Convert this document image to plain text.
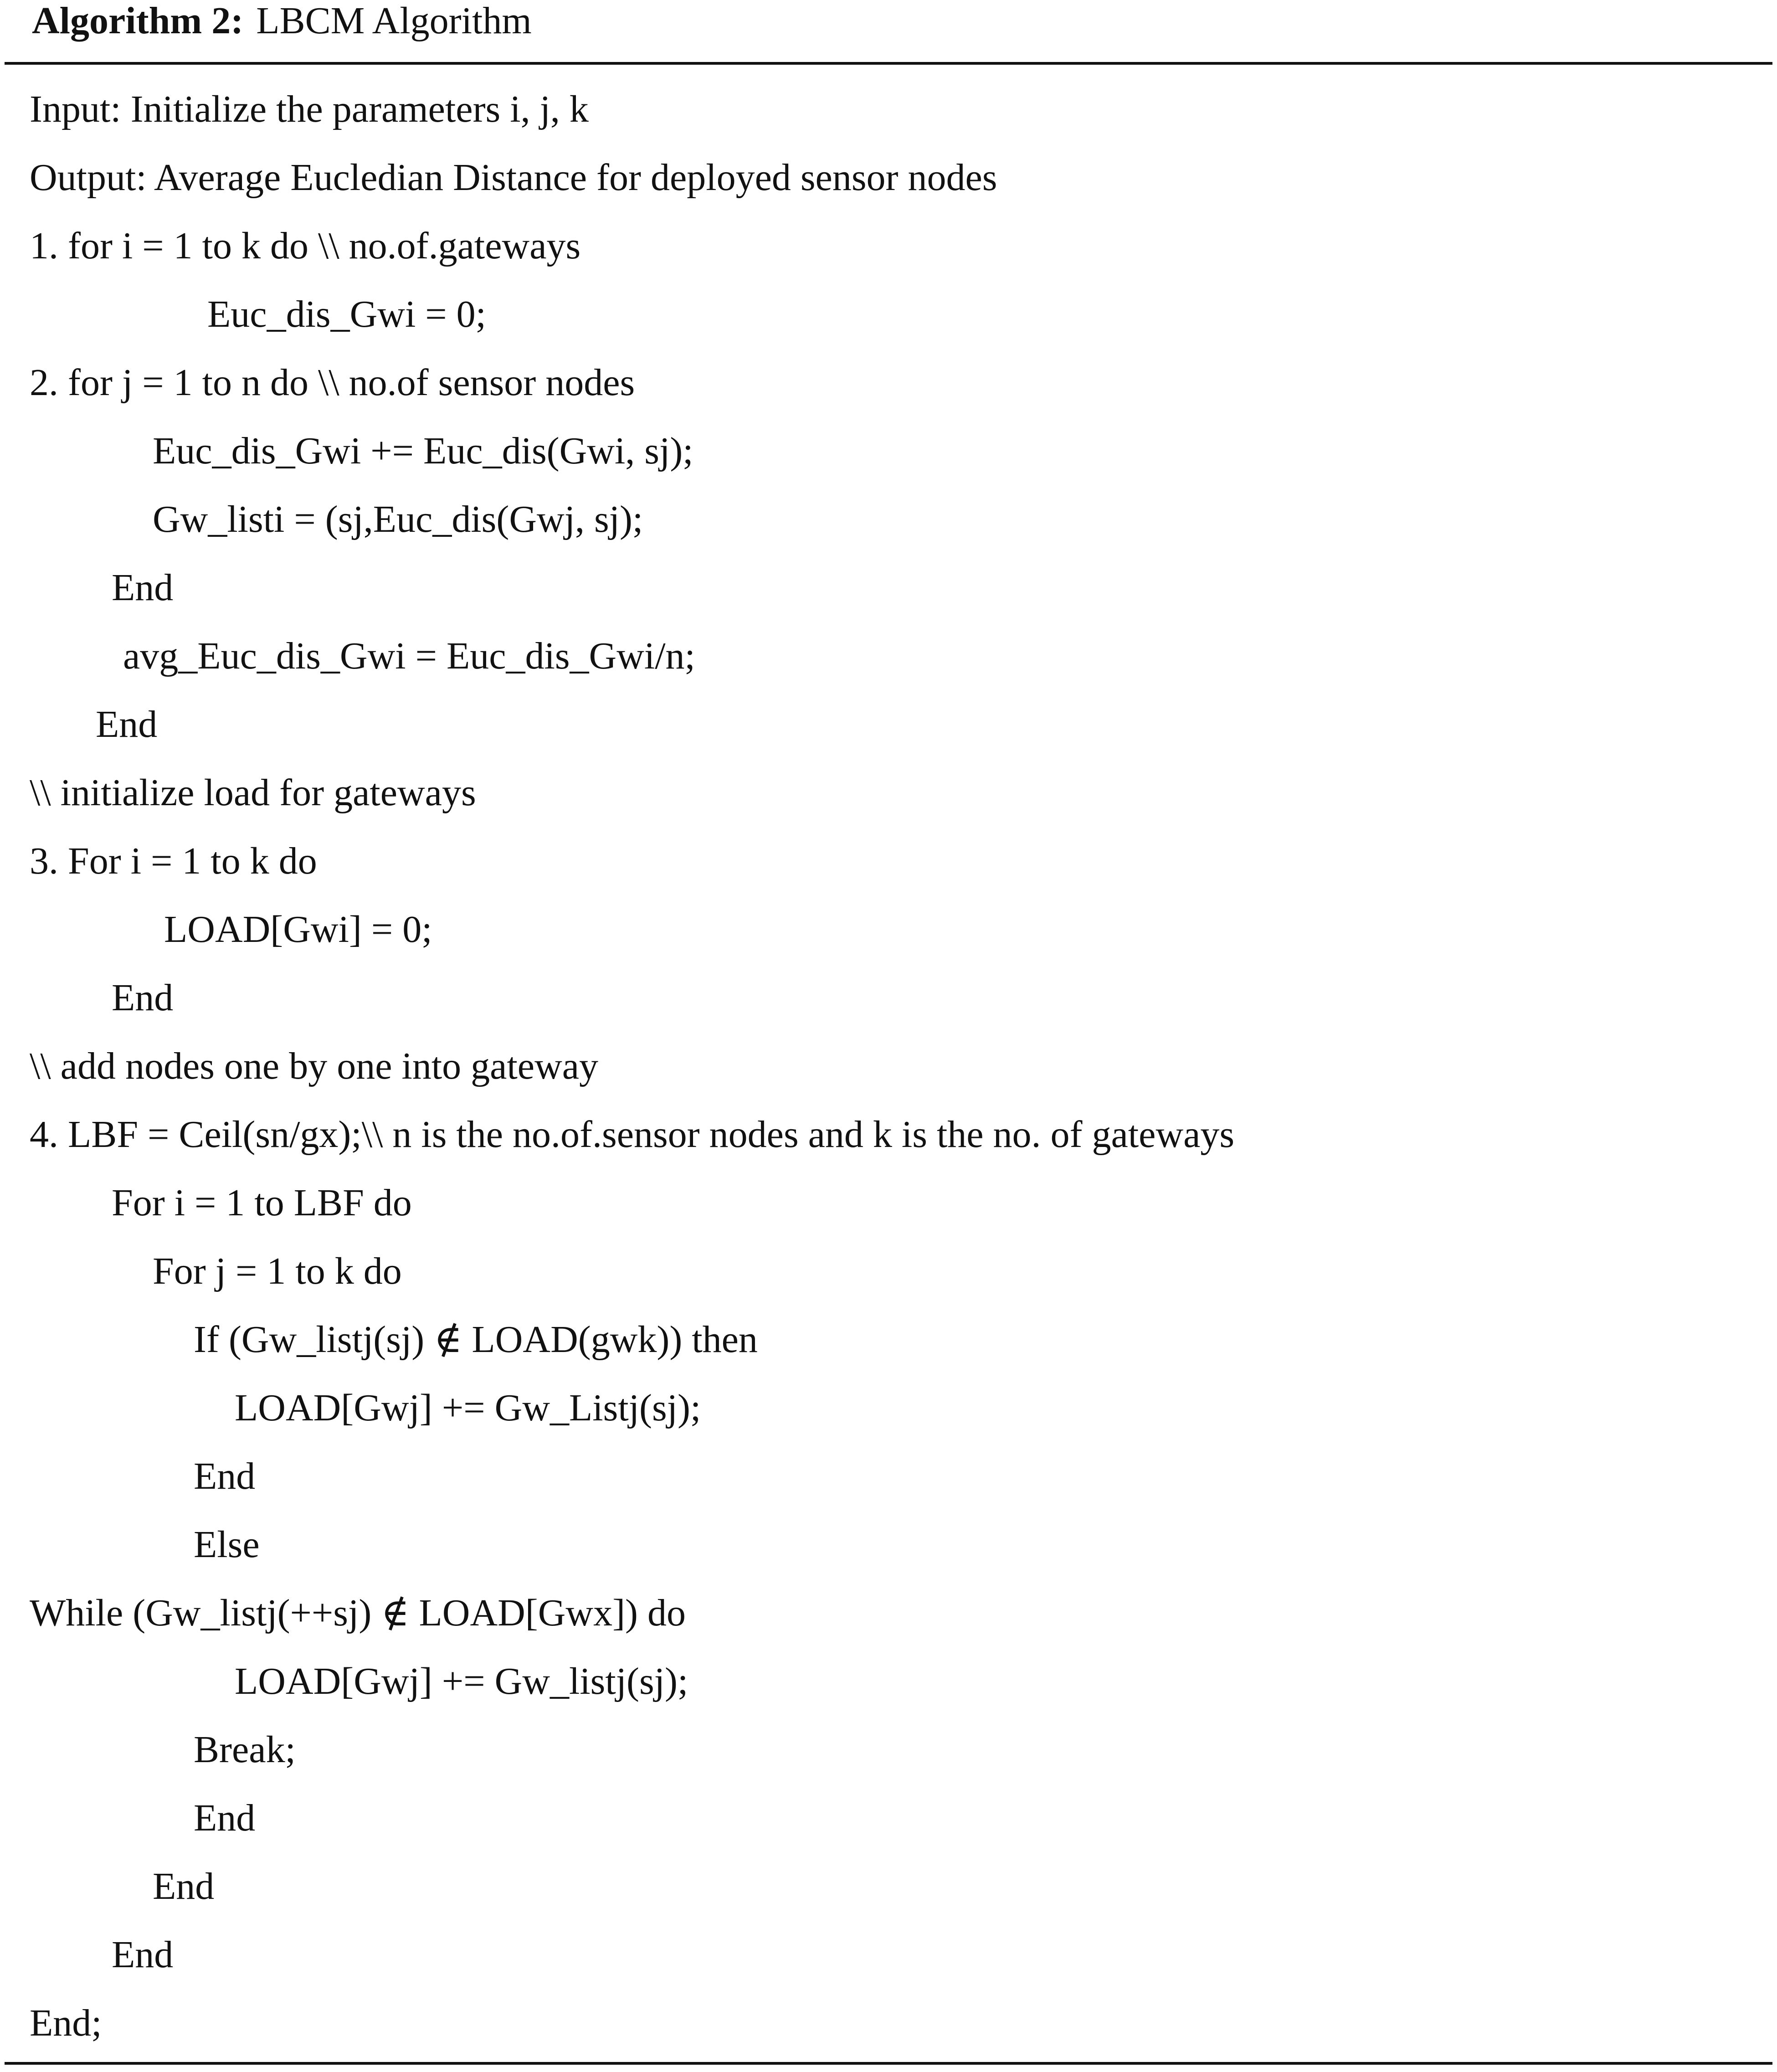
Algorithm 2: LBCM Algorithm
Input: Initialize the parameters i, j, k
Output: Average Eucledian Distance for deployed sensor nodes
1. for i = 1 to k do \\ no.of.gateways
Euc_dis_Gwi = 0;
2. for j = 1 to n do \\ no.of sensor nodes
Euc_dis_Gwi += Euc_dis(Gwi, sj);
Gw_listi = (sj,Euc_dis(Gwj, sj);
End
avg_Euc_dis_Gwi = Euc_dis_Gwi/n;
End
\\ initialize load for gateways
3. For i = 1 to k do
LOAD[Gwi] = 0;
End
\\ add nodes one by one into gateway
4. LBF = Ceil(sn/gx);\\ n is the no.of.sensor nodes and k is the no. of gateways
For i = 1 to LBF do
For j = 1 to k do
If (Gw_listj(sj) ∉ LOAD(gwk)) then
LOAD[Gwj] += Gw_Listj(sj);
End
Else
While (Gw_listj(++sj) ∉ LOAD[Gwx]) do
LOAD[Gwj] += Gw_listj(sj);
Break;
End
End
End
End;
